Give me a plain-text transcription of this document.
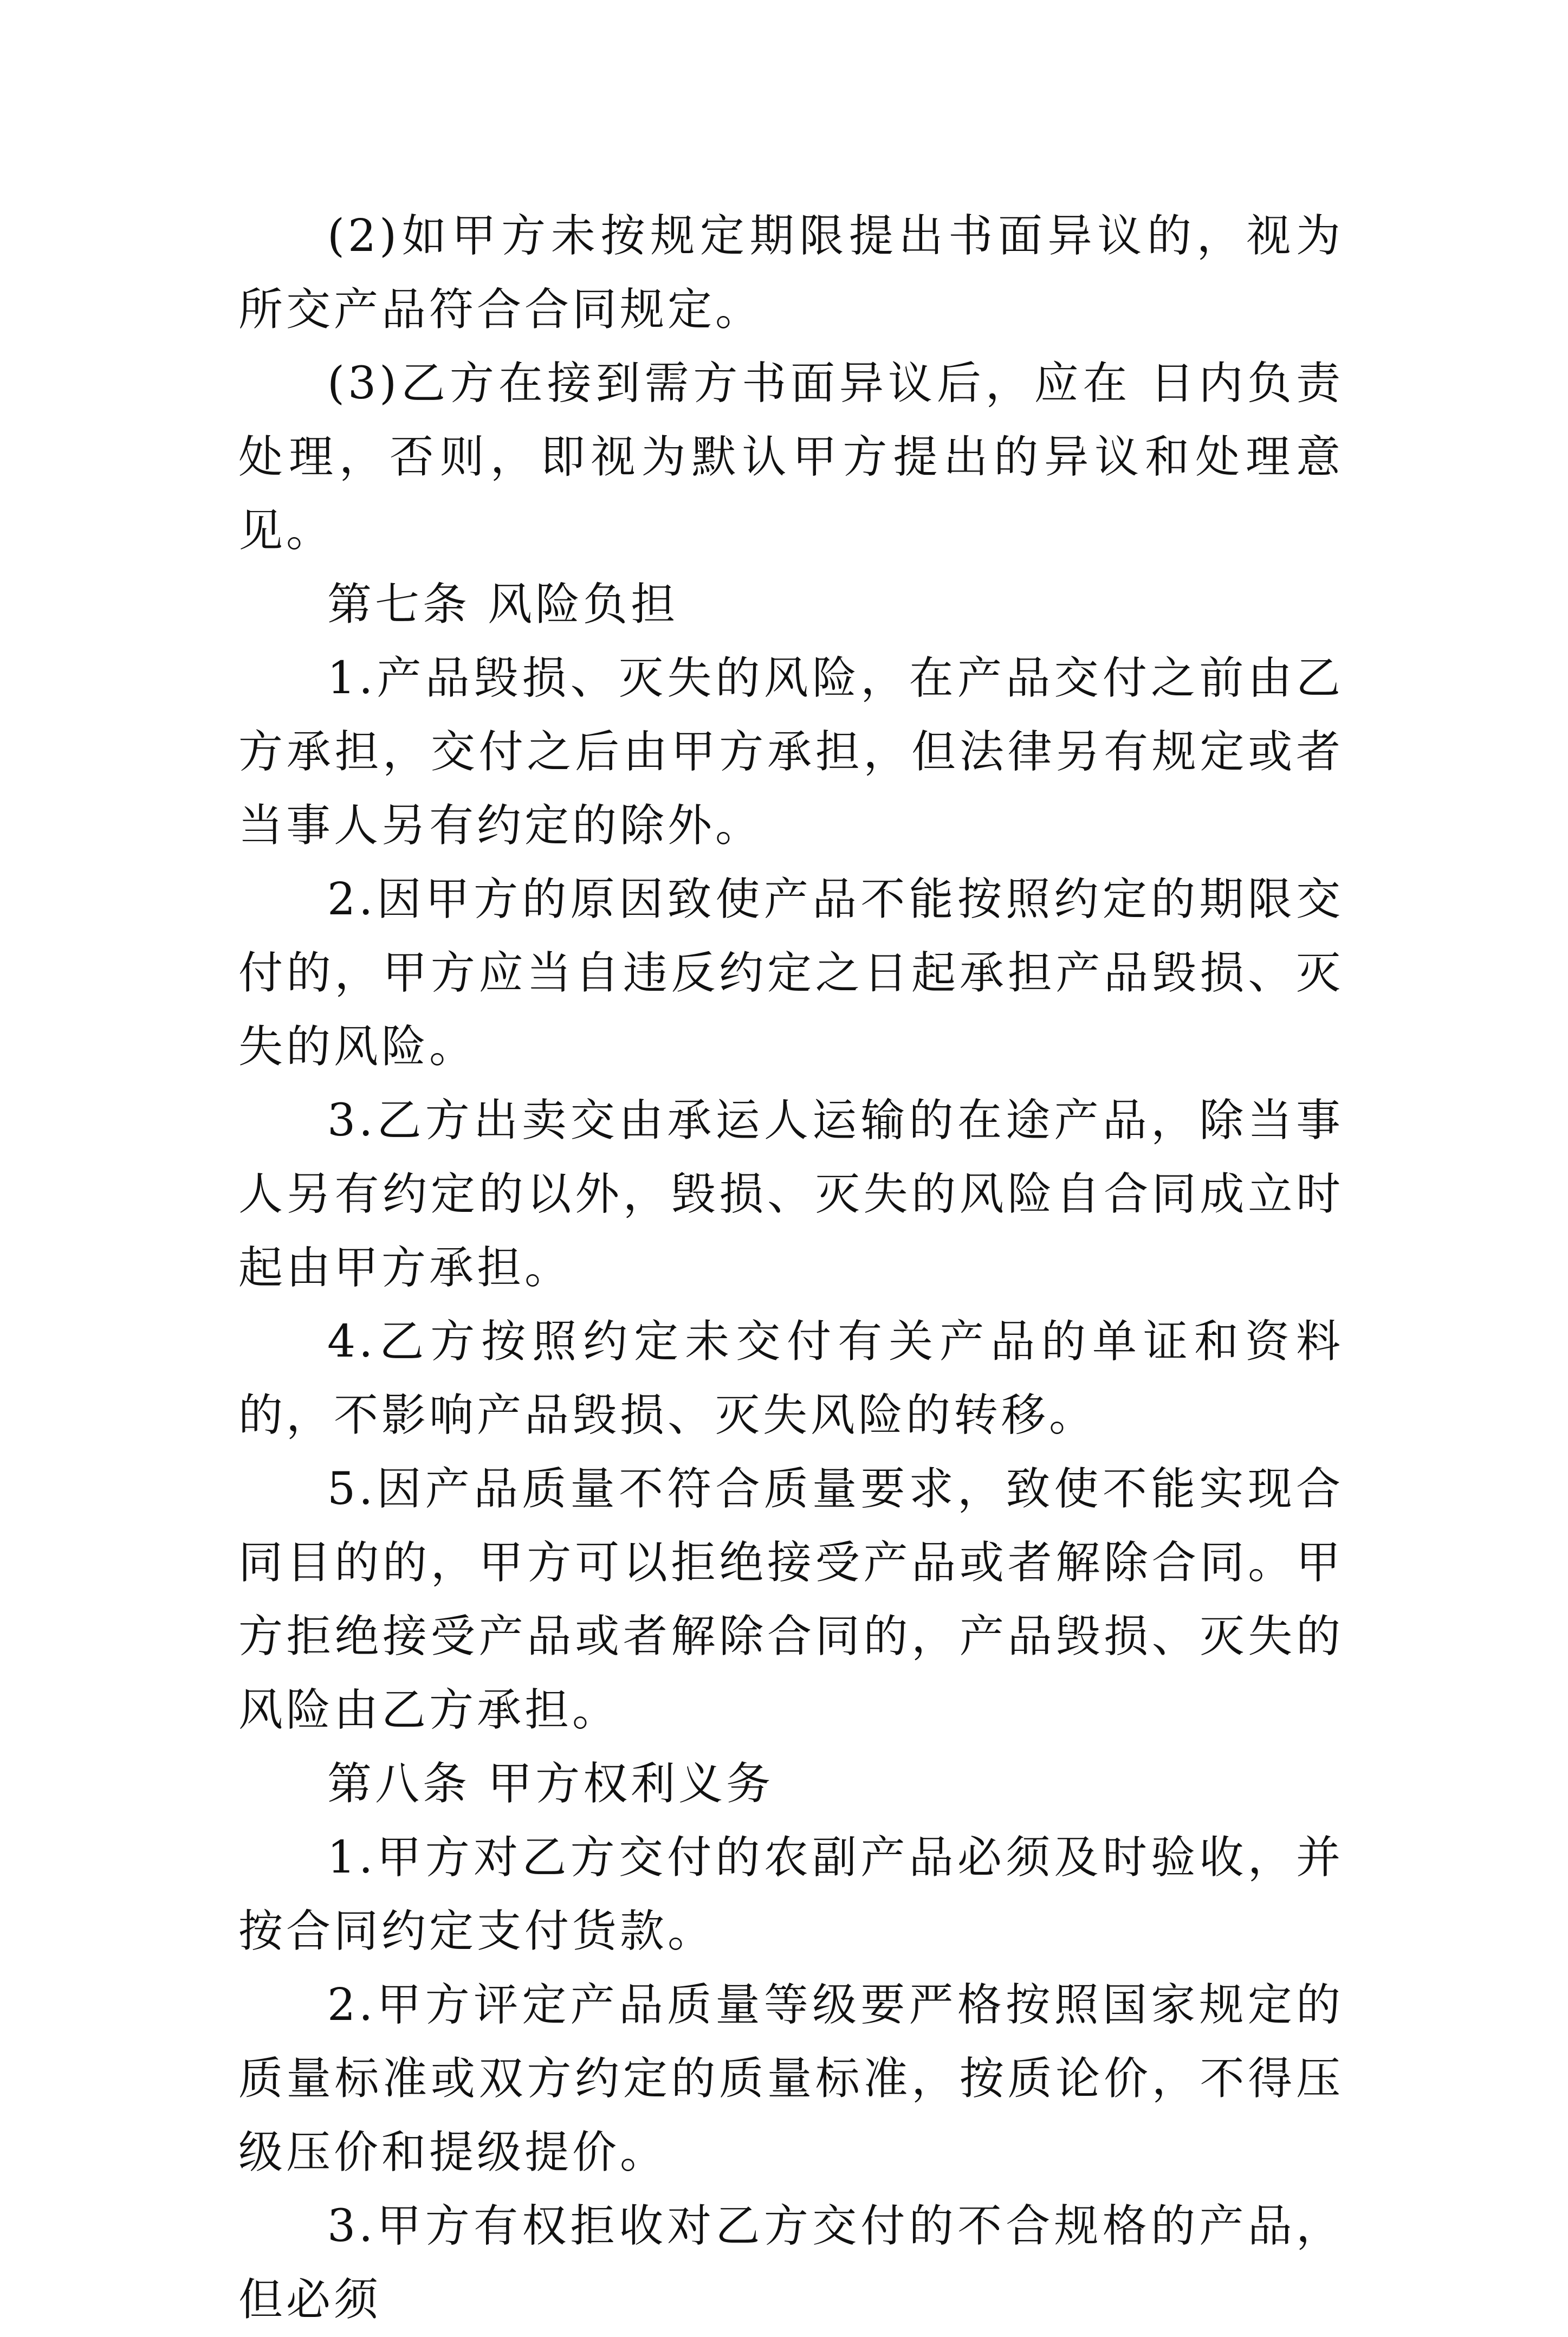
(2)如甲方未按规定期限提出书面异议的，视为所交产品符合合同规定。

(3)乙方在接到需方书面异议后，应在 日内负责处理，否则，即视为默认甲方提出的异议和处理意见。

第七条 风险负担

1.产品毁损、灭失的风险，在产品交付之前由乙方承担，交付之后由甲方承担，但法律另有规定或者当事人另有约定的除外。

2.因甲方的原因致使产品不能按照约定的期限交付的，甲方应当自违反约定之日起承担产品毁损、灭失的风险。

3.乙方出卖交由承运人运输的在途产品，除当事人另有约定的以外，毁损、灭失的风险自合同成立时起由甲方承担。

4.乙方按照约定未交付有关产品的单证和资料的，不影响产品毁损、灭失风险的转移。

5.因产品质量不符合质量要求，致使不能实现合同目的的，甲方可以拒绝接受产品或者解除合同。甲方拒绝接受产品或者解除合同的，产品毁损、灭失的风险由乙方承担。

第八条 甲方权利义务

1.甲方对乙方交付的农副产品必须及时验收，并按合同约定支付货款。

2.甲方评定产品质量等级要严格按照国家规定的质量标准或双方约定的质量标准，按质论价，不得压级压价和提级提价。

3.甲方有权拒收对乙方交付的不合规格的产品，但必须
